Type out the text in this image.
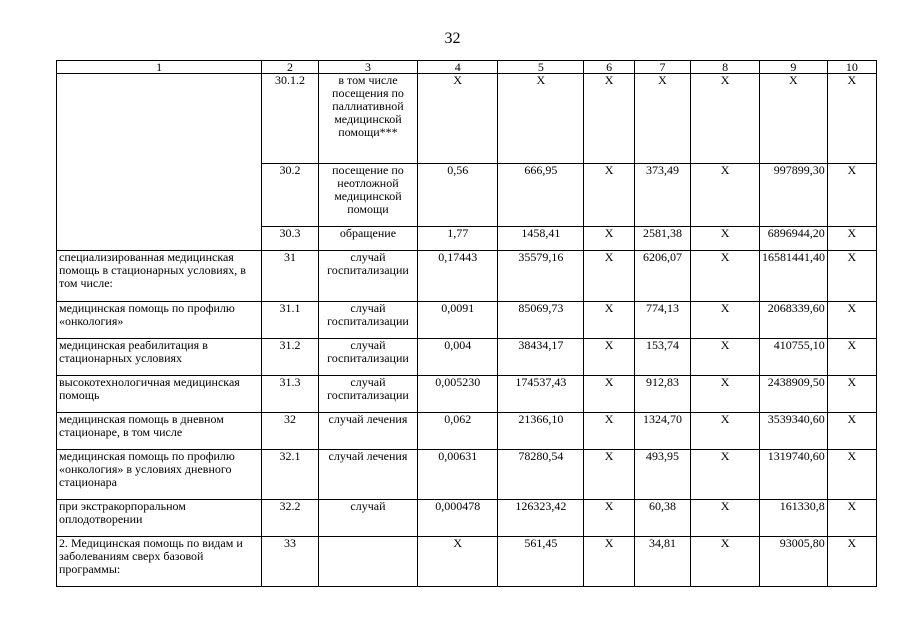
32
1	2	3	4	5	6	7	8	9	10
	30.1.2	в том числе посещения по паллиативной медицинской помощи***	X	X	X	X	X	X	X
	30.2	посещение по неотложной медицинской помощи	0,56	666,95	X	373,49	X	997899,30	X
	30.3	обращение	1,77	1458,41	X	2581,38	X	6896944,20	X
специализированная медицинская помощь в стационарных условиях, в том числе:	31	случай госпитализации	0,17443	35579,16	X	6206,07	X	16581441,40	X
медицинская помощь по профилю «онкология»	31.1	случай госпитализации	0,0091	85069,73	X	774,13	X	2068339,60	X
медицинская реабилитация в стационарных условиях	31.2	случай госпитализации	0,004	38434,17	X	153,74	X	410755,10	X
высокотехнологичная медицинская помощь	31.3	случай госпитализации	0,005230	174537,43	X	912,83	X	2438909,50	X
медицинская помощь в дневном стационаре, в том числе	32	случай лечения	0,062	21366,10	X	1324,70	X	3539340,60	X
медицинская помощь по профилю «онкология» в условиях дневного стационара	32.1	случай лечения	0,00631	78280,54	X	493,95	X	1319740,60	X
при экстракорпоральном оплодотворении	32.2	случай	0,000478	126323,42	X	60,38	X	161330,8	X
2. Медицинская помощь по видам и заболеваниям сверх базовой программы:	33		X	561,45	X	34,81	X	93005,80	X
